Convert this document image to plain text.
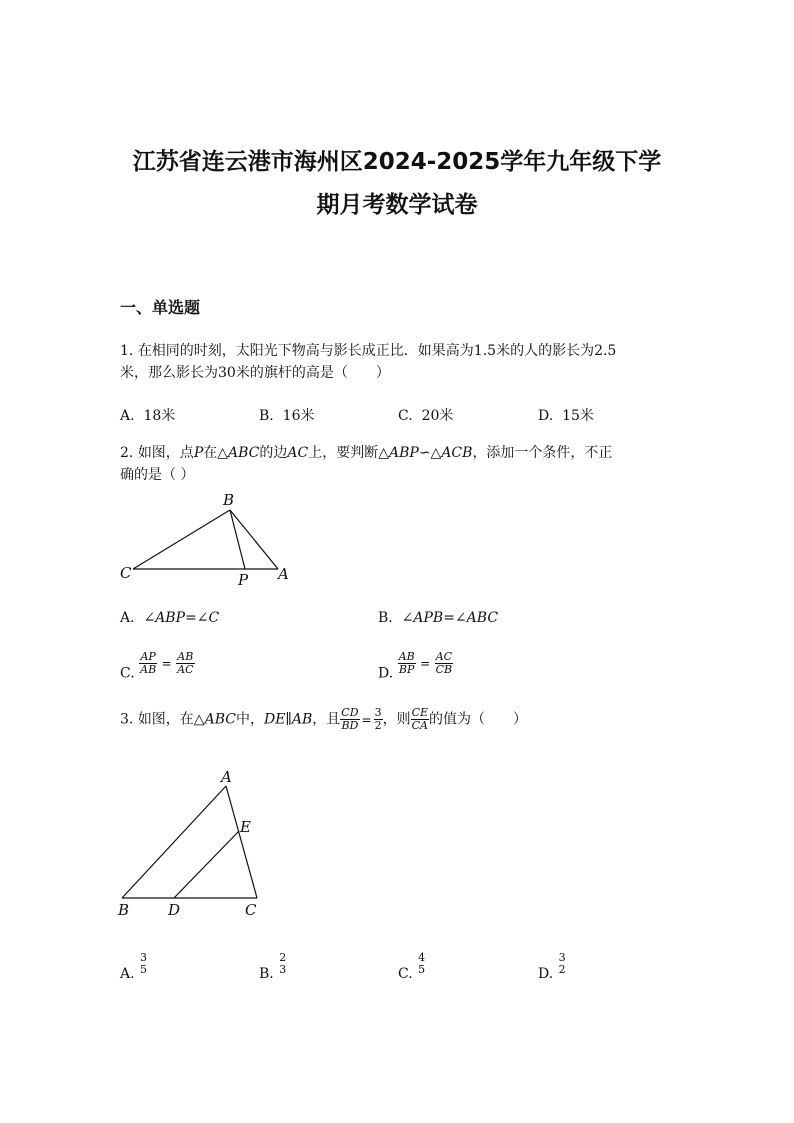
江苏省连云港市海州区2024-2025学年九年级下学
期月考数学试卷
一、单选题
1. 在相同的时刻，太阳光下物高与影长成正比．如果高为1.5米的人的影长为2.5
米，那么影长为30米的旗杆的高是（　　）
A. 18米	B. 16米	C. 20米	D. 15米
2. 如图，点P在△ABC的边AC上，要判断△ABP∽△ACB，添加一个条件，不正
确的是（ ）
B
C	P A
A. ∠ABP=∠C	B. ∠APB=∠ABC
C. $\frac{AP}{AB} = \frac{AB}{AC}$	D. $\frac{AB}{BP} = \frac{AC}{CB}$
3. 如图，在△ABC中，DE∥AB，且 $\frac{CD}{BD} = \frac{3}{2}$ ，则 $\frac{CE}{CA}$ 的值为（　　）
A
E
B	D	C
A.
3
5	B.
2
3	C.
4
5	D.
3
2
